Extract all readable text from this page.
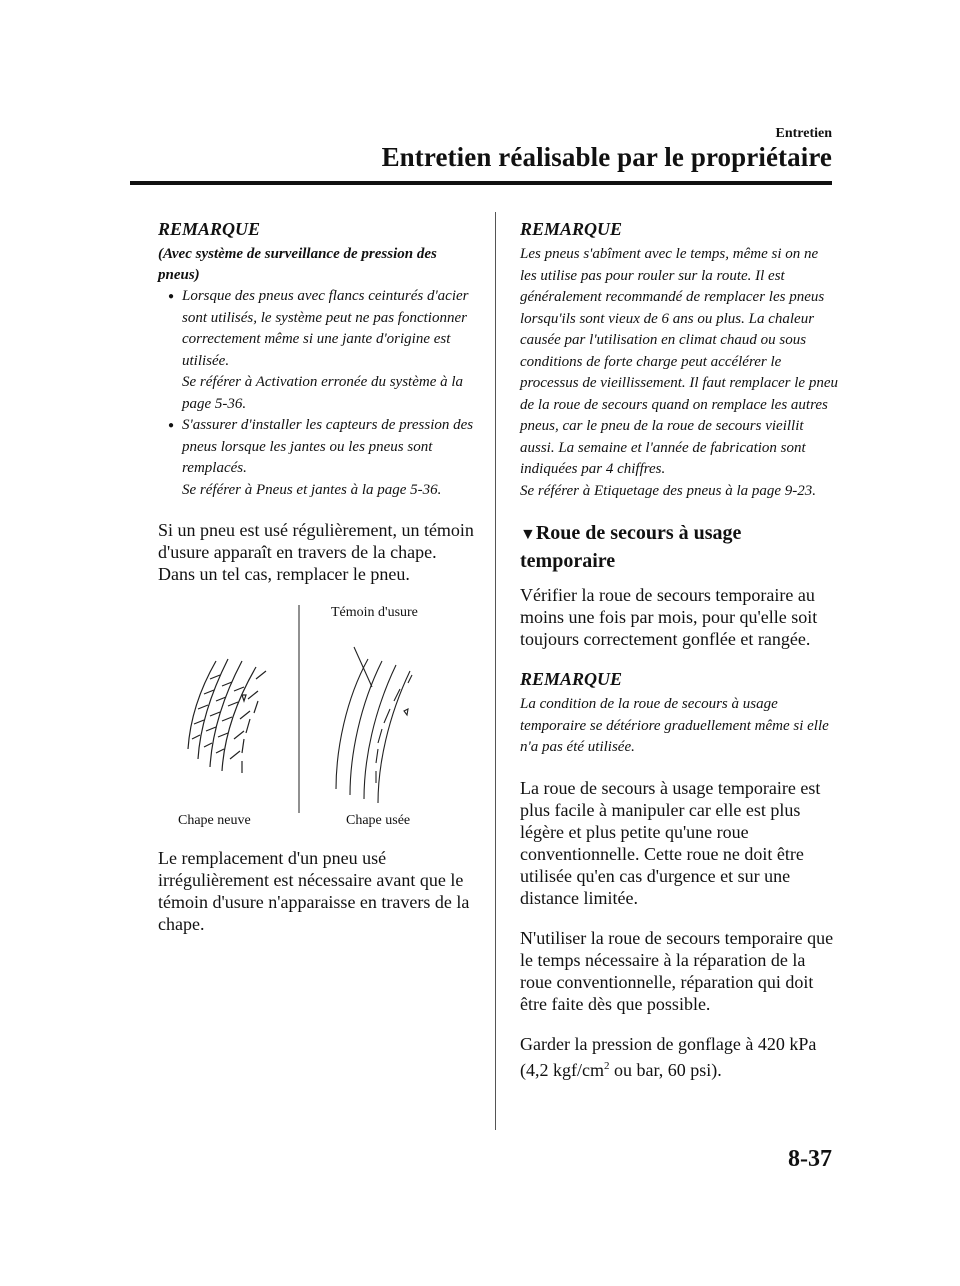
Entretien
Entretien réalisable par le propriétaire

REMARQUE

(Avec système de surveillance de pression des pneus)

● Lorsque des pneus avec flancs ceinturés d'acier sont utilisés, le système peut ne pas fonctionner correctement même si une jante d'origine est utilisée.
Se référer à Activation erronée du système à la page 5-36.
● S'assurer d'installer les capteurs de pression des pneus lorsque les jantes ou les pneus sont remplacés.
Se référer à Pneus et jantes à la page 5-36.

Si un pneu est usé régulièrement, un témoin d'usure apparaît en travers de la chape.

Dans un tel cas, remplacer le pneu.

Témoin d'usure
Chape neuve	Chape usée

Le remplacement d'un pneu usé irrégulièrement est nécessaire avant que le témoin d'usure n'apparaisse en travers de la chape.

REMARQUE

Les pneus s'abîment avec le temps, même si on ne les utilise pas pour rouler sur la route. Il est généralement recommandé de remplacer les pneus lorsqu'ils sont vieux de 6 ans ou plus. La chaleur causée par l'utilisation en climat chaud ou sous conditions de forte charge peut accélérer le processus de vieillissement. Il faut remplacer le pneu de la roue de secours quand on remplace les autres pneus, car le pneu de la roue de secours vieillit aussi. La semaine et l'année de fabrication sont indiquées par 4 chiffres.

Se référer à Etiquetage des pneus à la page 9-23.

▼Roue de secours à usage temporaire

Vérifier la roue de secours temporaire au moins une fois par mois, pour qu'elle soit toujours correctement gonflée et rangée.

REMARQUE

La condition de la roue de secours à usage temporaire se détériore graduellement même si elle n'a pas été utilisée.

La roue de secours à usage temporaire est plus facile à manipuler car elle est plus légère et plus petite qu'une roue conventionnelle. Cette roue ne doit être utilisée qu'en cas d'urgence et sur une distance limitée.

N'utiliser la roue de secours temporaire que le temps nécessaire à la réparation de la roue conventionnelle, réparation qui doit être faite dès que possible.

Garder la pression de gonflage à 420 kPa (4,2 kgf/$cm^2$ ou bar, 60 psi).

8-37
